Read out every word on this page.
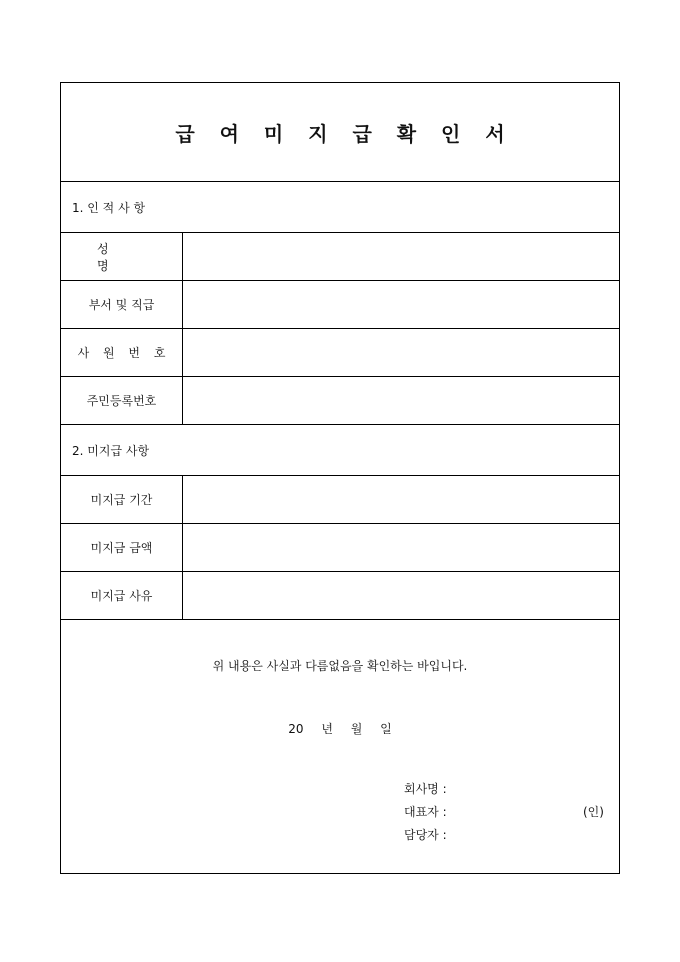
급 여 미 지 급 확 인 서
1. 인 적 사 항
성 명
부서 및 직급
사 원 번 호
주민등록번호
2. 미지급 사항
미지급 기간
미지금 금액
미지급 사유
위 내용은 사실과 다름없음을 확인하는 바입니다.
20 년 월 일
회사명 :
대표자 :	(인)
담당자 :
